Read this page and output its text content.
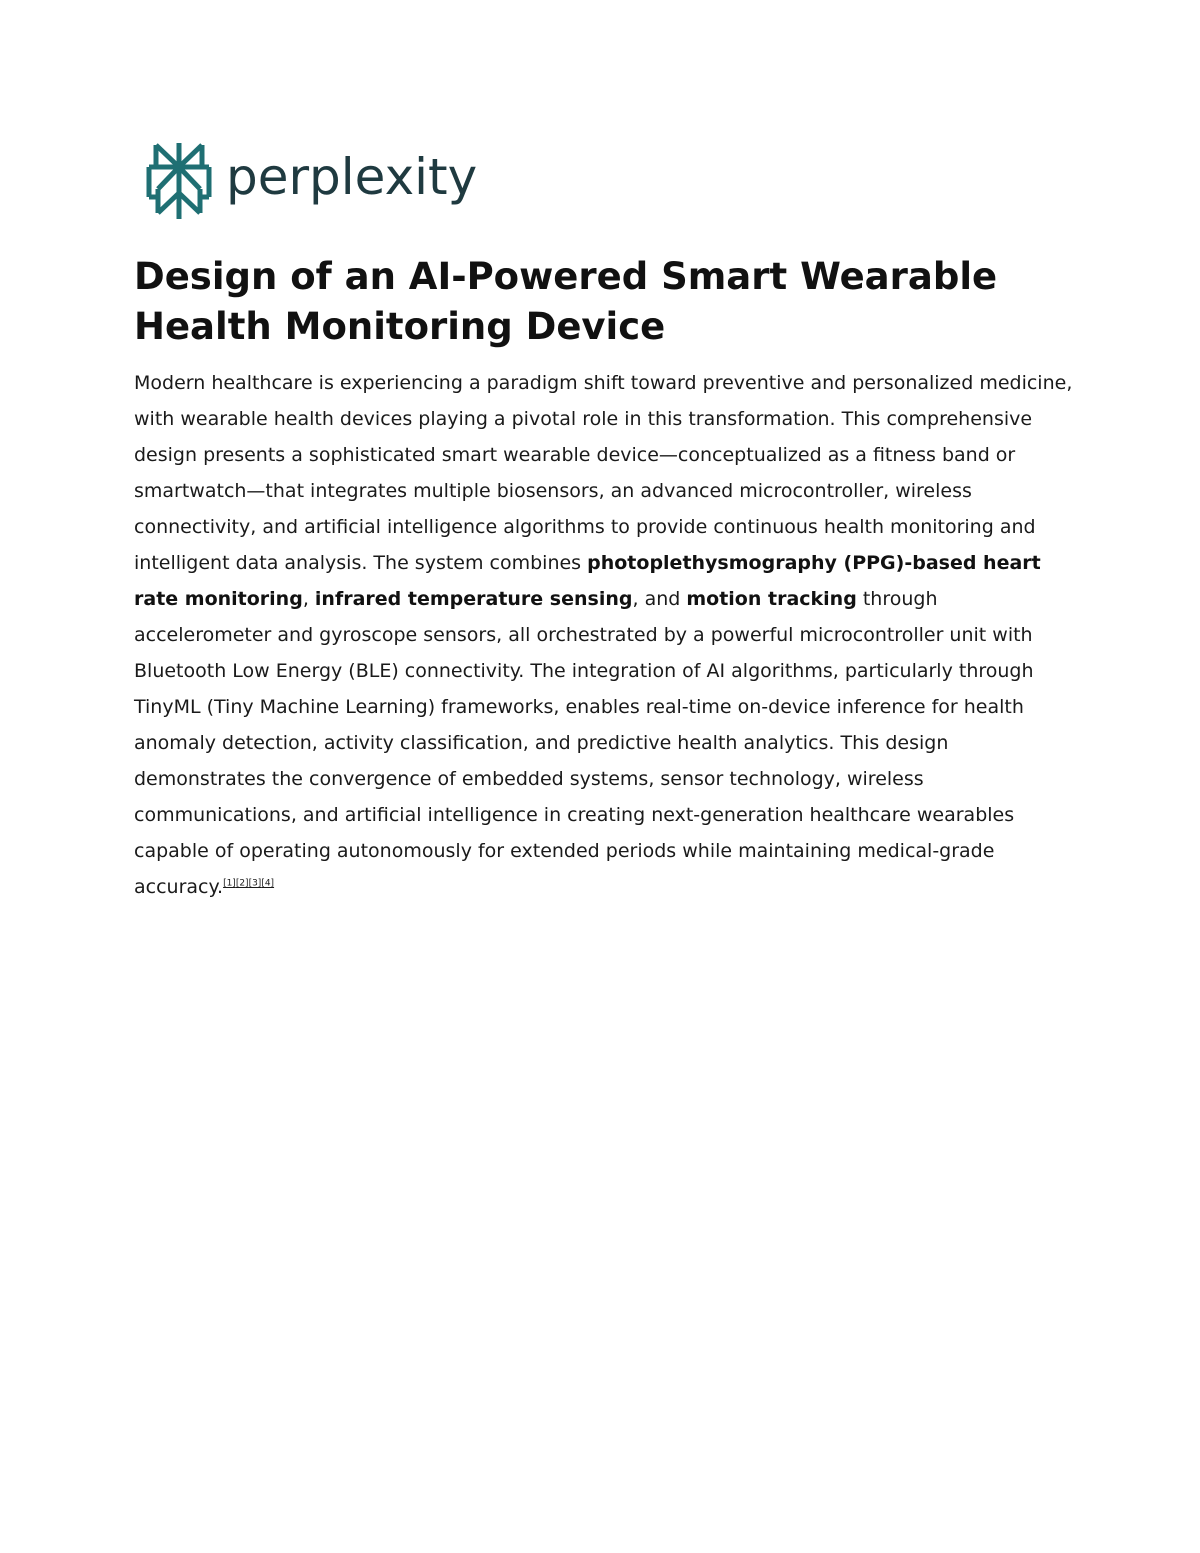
perplexity
Design of an AI-Powered Smart Wearable Health Monitoring Device

Modern healthcare is experiencing a paradigm shift toward preventive and personalized medicine, with wearable health devices playing a pivotal role in this transformation. This comprehensive design presents a sophisticated smart wearable device—conceptualized as a fitness band or smartwatch—that integrates multiple biosensors, an advanced microcontroller, wireless connectivity, and artificial intelligence algorithms to provide continuous health monitoring and intelligent data analysis. The system combines photoplethysmography (PPG)-based heart rate monitoring, infrared temperature sensing, and motion tracking through accelerometer and gyroscope sensors, all orchestrated by a powerful microcontroller unit with Bluetooth Low Energy (BLE) connectivity. The integration of AI algorithms, particularly through TinyML (Tiny Machine Learning) frameworks, enables real-time on-device inference for health anomaly detection, activity classification, and predictive health analytics. This design demonstrates the convergence of embedded systems, sensor technology, wireless communications, and artificial intelligence in creating next-generation healthcare wearables capable of operating autonomously for extended periods while maintaining medical-grade accuracy.[1][2][3][4]
